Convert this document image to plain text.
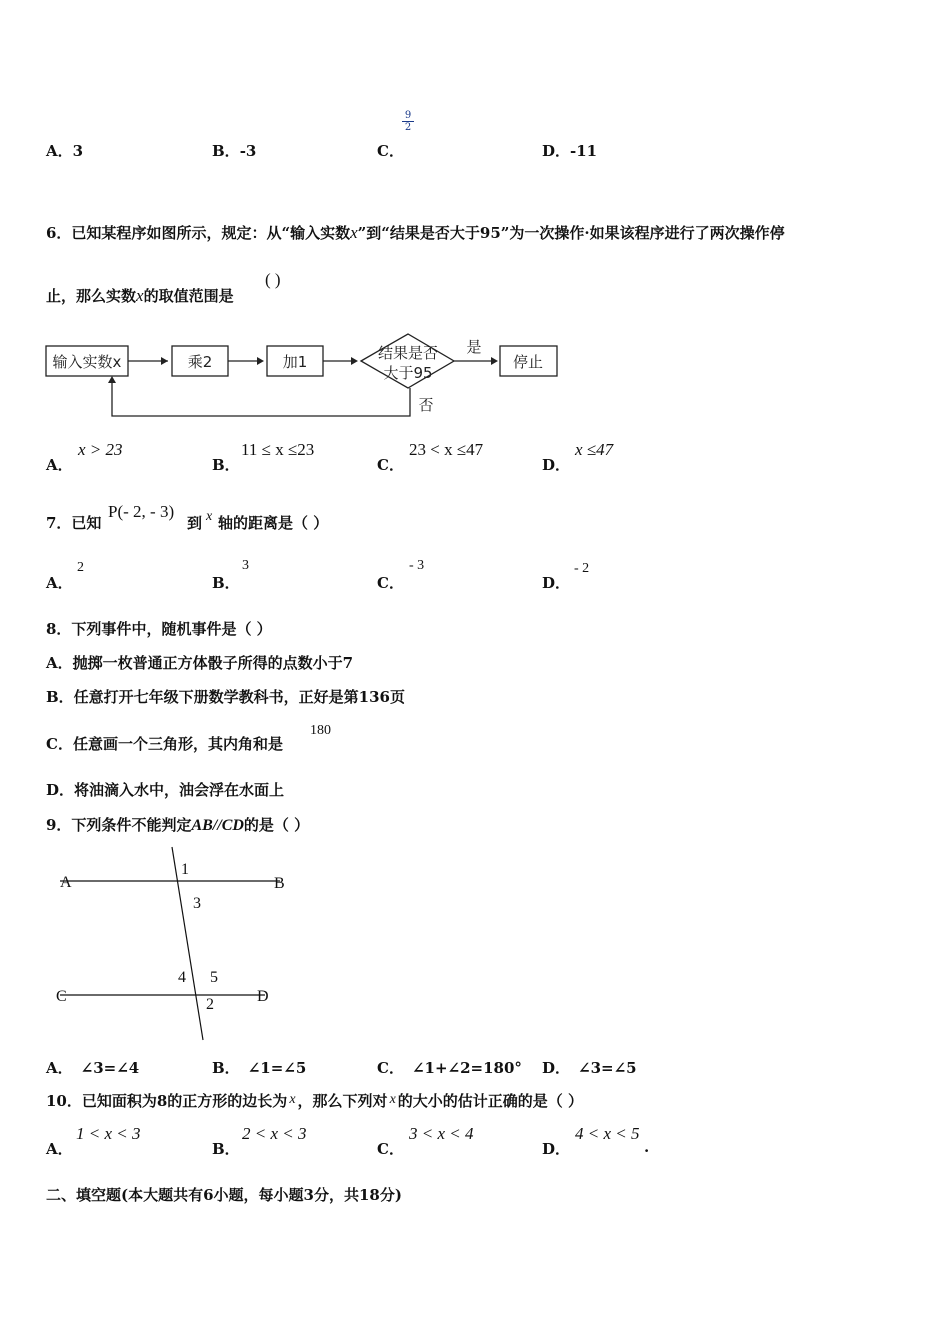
A．3	B．-3	C．
9
2
D．-11
6．已知某程序如图所示，规定：从“输入实数x”到“结果是否大于95”为一次操作·如果该程序进行了两次操作停
止，那么实数x的取值范围是
( )
输入实数x	乘2	加1	结果是否
大于95
是
停止
否
A．
x > 23
B．
11 ≤ x ≤23
C．
23 < x ≤47
D．
x ≤47
7．已知
P(- 2, - 3)
到 x 轴的距离是（ ）
A．
2
B．
3
C．
- 3
D．
- 2
8．下列事件中，随机事件是（ ）
A．抛掷一枚普通正方体骰子所得的点数小于7
B．任意打开七年级下册数学教科书，正好是第136页
C．任意画一个三角形，其内角和是
180
D．将油滴入水中，油会浮在水面上
9．下列条件不能判定AB//CD的是（ ）
A	B
C	D
1
3
4 5
2
A． ∠3=∠4	B． ∠1=∠5	C． ∠1+∠2=180° D． ∠3=∠5
10．已知面积为8的正方形的边长为 x ，那么下列对 x 的大小的估计正确的是（ ）
A．
1 < x < 3
B．
2 < x < 3
C．
3 < x < 4
D．
4 < x < 5
.
二、填空题(本大题共有6小题，每小题3分，共18分)
